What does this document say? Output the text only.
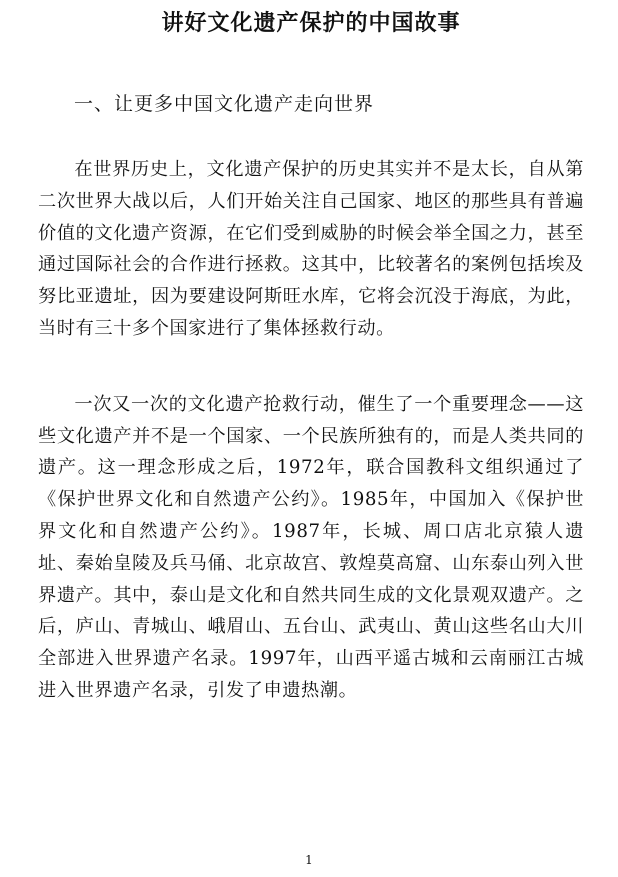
讲好文化遗产保护的中国故事
一、让更多中国文化遗产走向世界

在世界历史上，文化遗产保护的历史其实并不是太长，自从第二次世界大战以后，人们开始关注自己国家、地区的那些具有普遍价值的文化遗产资源，在它们受到威胁的时候会举全国之力，甚至通过国际社会的合作进行拯救。这其中，比较著名的案例包括埃及努比亚遗址，因为要建设阿斯旺水库，它将会沉没于海底，为此，当时有三十多个国家进行了集体拯救行动。

一次又一次的文化遗产抢救行动，催生了一个重要理念——这些文化遗产并不是一个国家、一个民族所独有的，而是人类共同的遗产。这一理念形成之后，1972年，联合国教科文组织通过了《保护世界文化和自然遗产公约》。1985年，中国加入《保护世界文化和自然遗产公约》。1987年，长城、周口店北京猿人遗址、秦始皇陵及兵马俑、北京故宫、敦煌莫高窟、山东泰山列入世界遗产。其中，泰山是文化和自然共同生成的文化景观双遗产。之后，庐山、青城山、峨眉山、五台山、武夷山、黄山这些名山大川全部进入世界遗产名录。1997年，山西平遥古城和云南丽江古城进入世界遗产名录，引发了申遗热潮。

1
